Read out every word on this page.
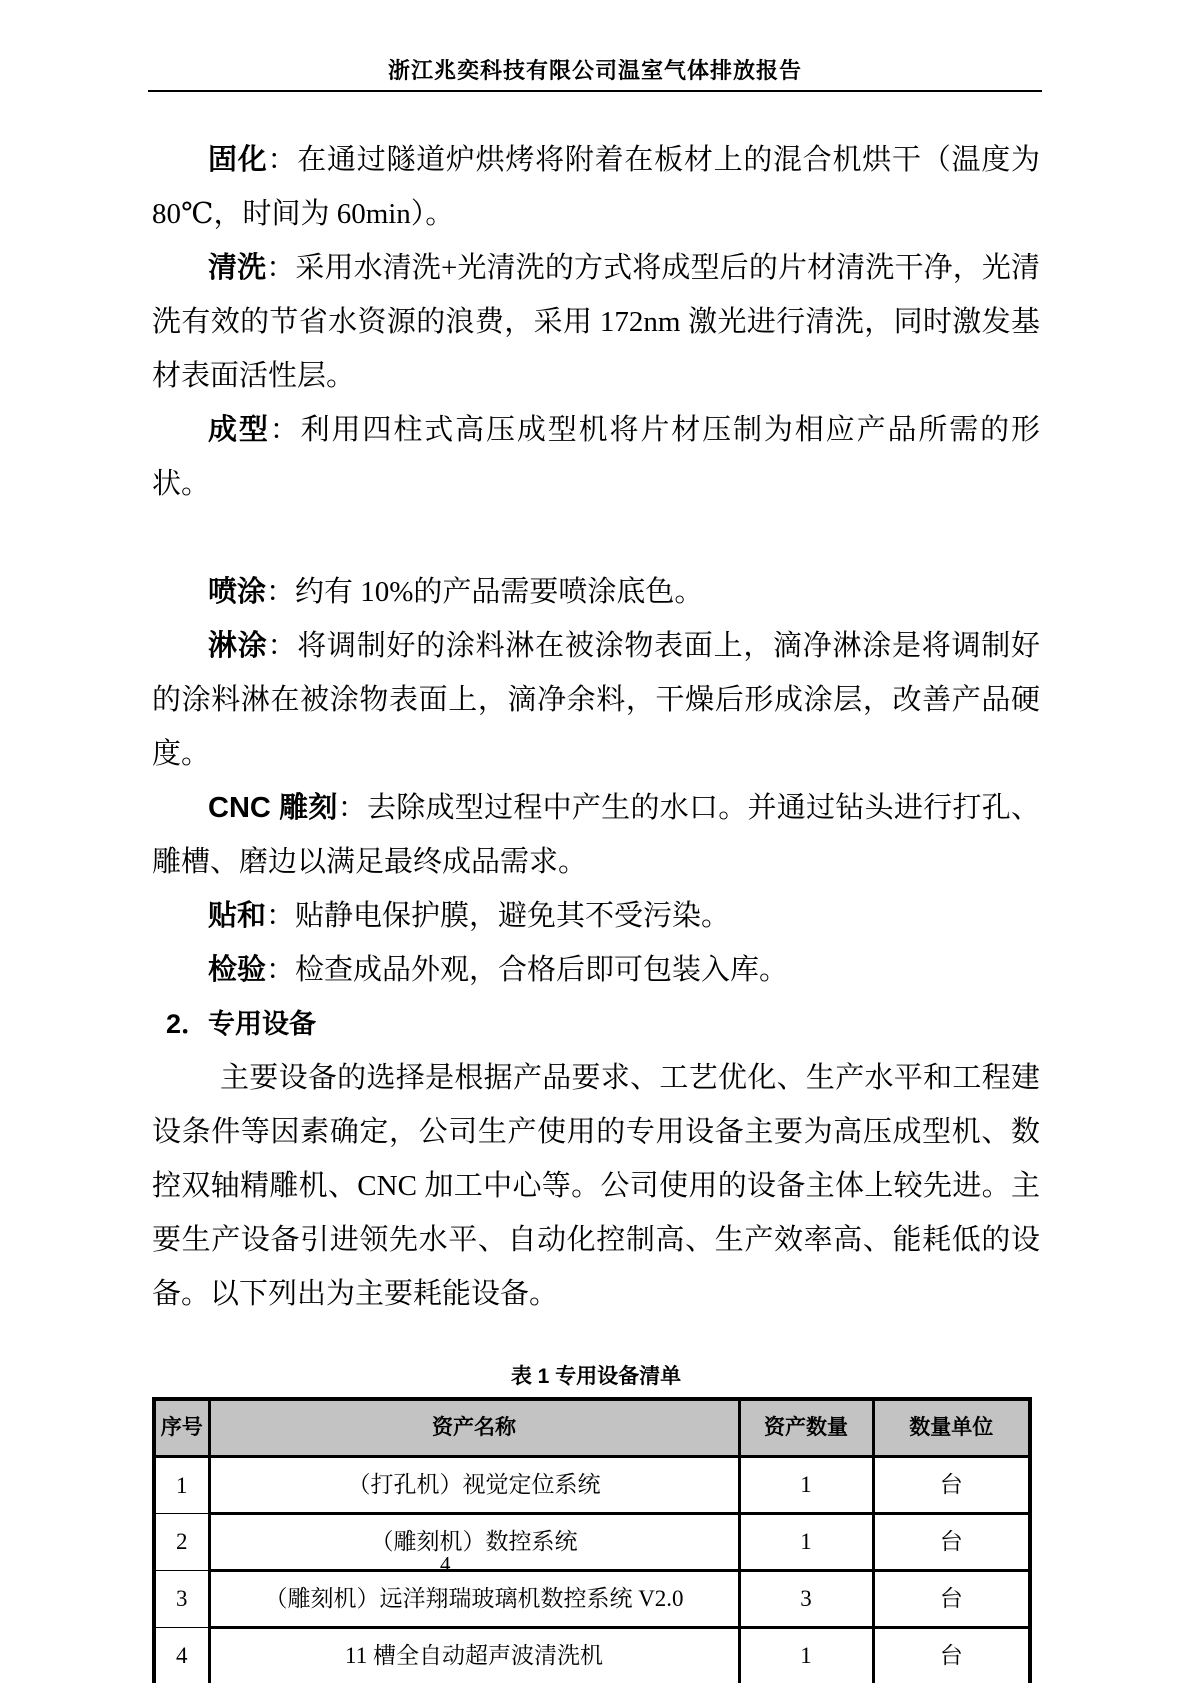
浙江兆奕科技有限公司温室气体排放报告

固化：在通过隧道炉烘烤将附着在板材上的混合机烘干（温度为 80℃，时间为 60min）。

清洗：采用水清洗+光清洗的方式将成型后的片材清洗干净，光清洗有效的节省水资源的浪费，采用 172nm 激光进行清洗，同时激发基材表面活性层。

成型：利用四柱式高压成型机将片材压制为相应产品所需的形状。

喷涂：约有 10%的产品需要喷涂底色。

淋涂：将调制好的涂料淋在被涂物表面上，滴净淋涂是将调制好的涂料淋在被涂物表面上，滴净余料，干燥后形成涂层，改善产品硬度。

CNC 雕刻：去除成型过程中产生的水口。并通过钻头进行打孔、雕槽、磨边以满足最终成品需求。

贴和：贴静电保护膜，避免其不受污染。

检验：检查成品外观，合格后即可包装入库。

2．专用设备

主要设备的选择是根据产品要求、工艺优化、生产水平和工程建设条件等因素确定，公司生产使用的专用设备主要为高压成型机、数控双轴精雕机、CNC 加工中心等。公司使用的设备主体上较先进。主要生产设备引进领先水平、自动化控制高、生产效率高、能耗低的设备。以下列出为主要耗能设备。

表 1 专用设备清单
序号	资产名称	资产数量	数量单位
1	（打孔机）视觉定位系统	1	台
2	（雕刻机）数控系统	1	台
3	（雕刻机）远洋翔瑞玻璃机数控系统 V2.0	3	台
4	11 槽全自动超声波清洗机	1	台
4
